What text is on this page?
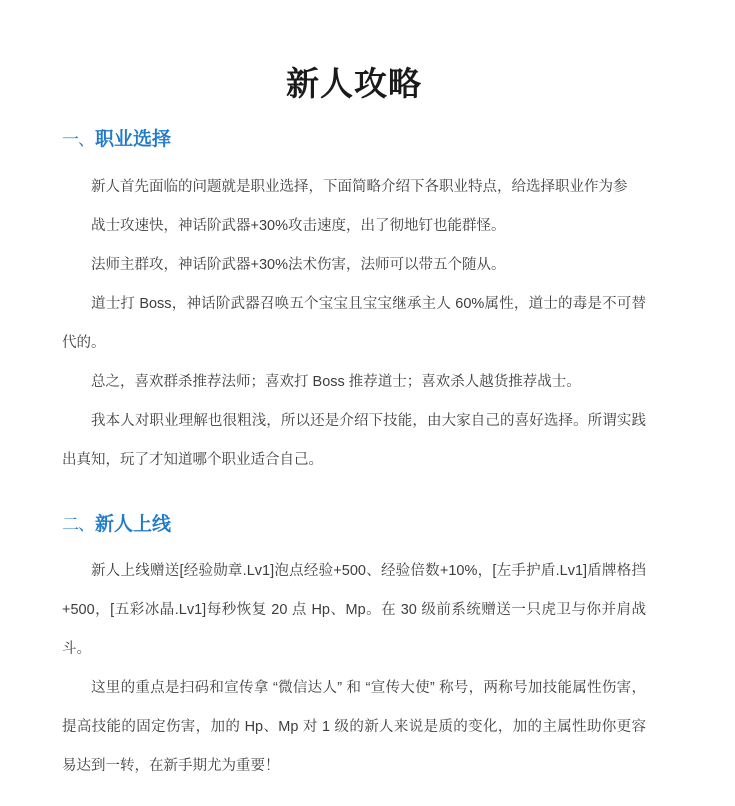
新人攻略
一、职业选择

新人首先面临的问题就是职业选择，下面简略介绍下各职业特点，给选择职业作为参

战士攻速快，神话阶武器+30%攻击速度，出了彻地钉也能群怪。

法师主群攻，神话阶武器+30%法术伤害，法师可以带五个随从。

道士打 Boss，神话阶武器召唤五个宝宝且宝宝继承主人 60%属性，道士的毒是不可替代的。

总之，喜欢群杀推荐法师；喜欢打 Boss 推荐道士；喜欢杀人越货推荐战士。

我本人对职业理解也很粗浅，所以还是介绍下技能，由大家自己的喜好选择。所谓实践出真知，玩了才知道哪个职业适合自己。

二、新人上线

新人上线赠送[经验勋章.Lv1]泡点经验+500、经验倍数+10%，[左手护盾.Lv1]盾牌格挡+500，[五彩冰晶.Lv1]每秒恢复 20 点 Hp、Mp。在 30 级前系统赠送一只虎卫与你并肩战斗。

这里的重点是扫码和宣传拿 “微信达人” 和 “宣传大使” 称号，两称号加技能属性伤害，提高技能的固定伤害，加的 Hp、Mp 对 1 级的新人来说是质的变化，加的主属性助你更容易达到一转，在新手期尤为重要！
